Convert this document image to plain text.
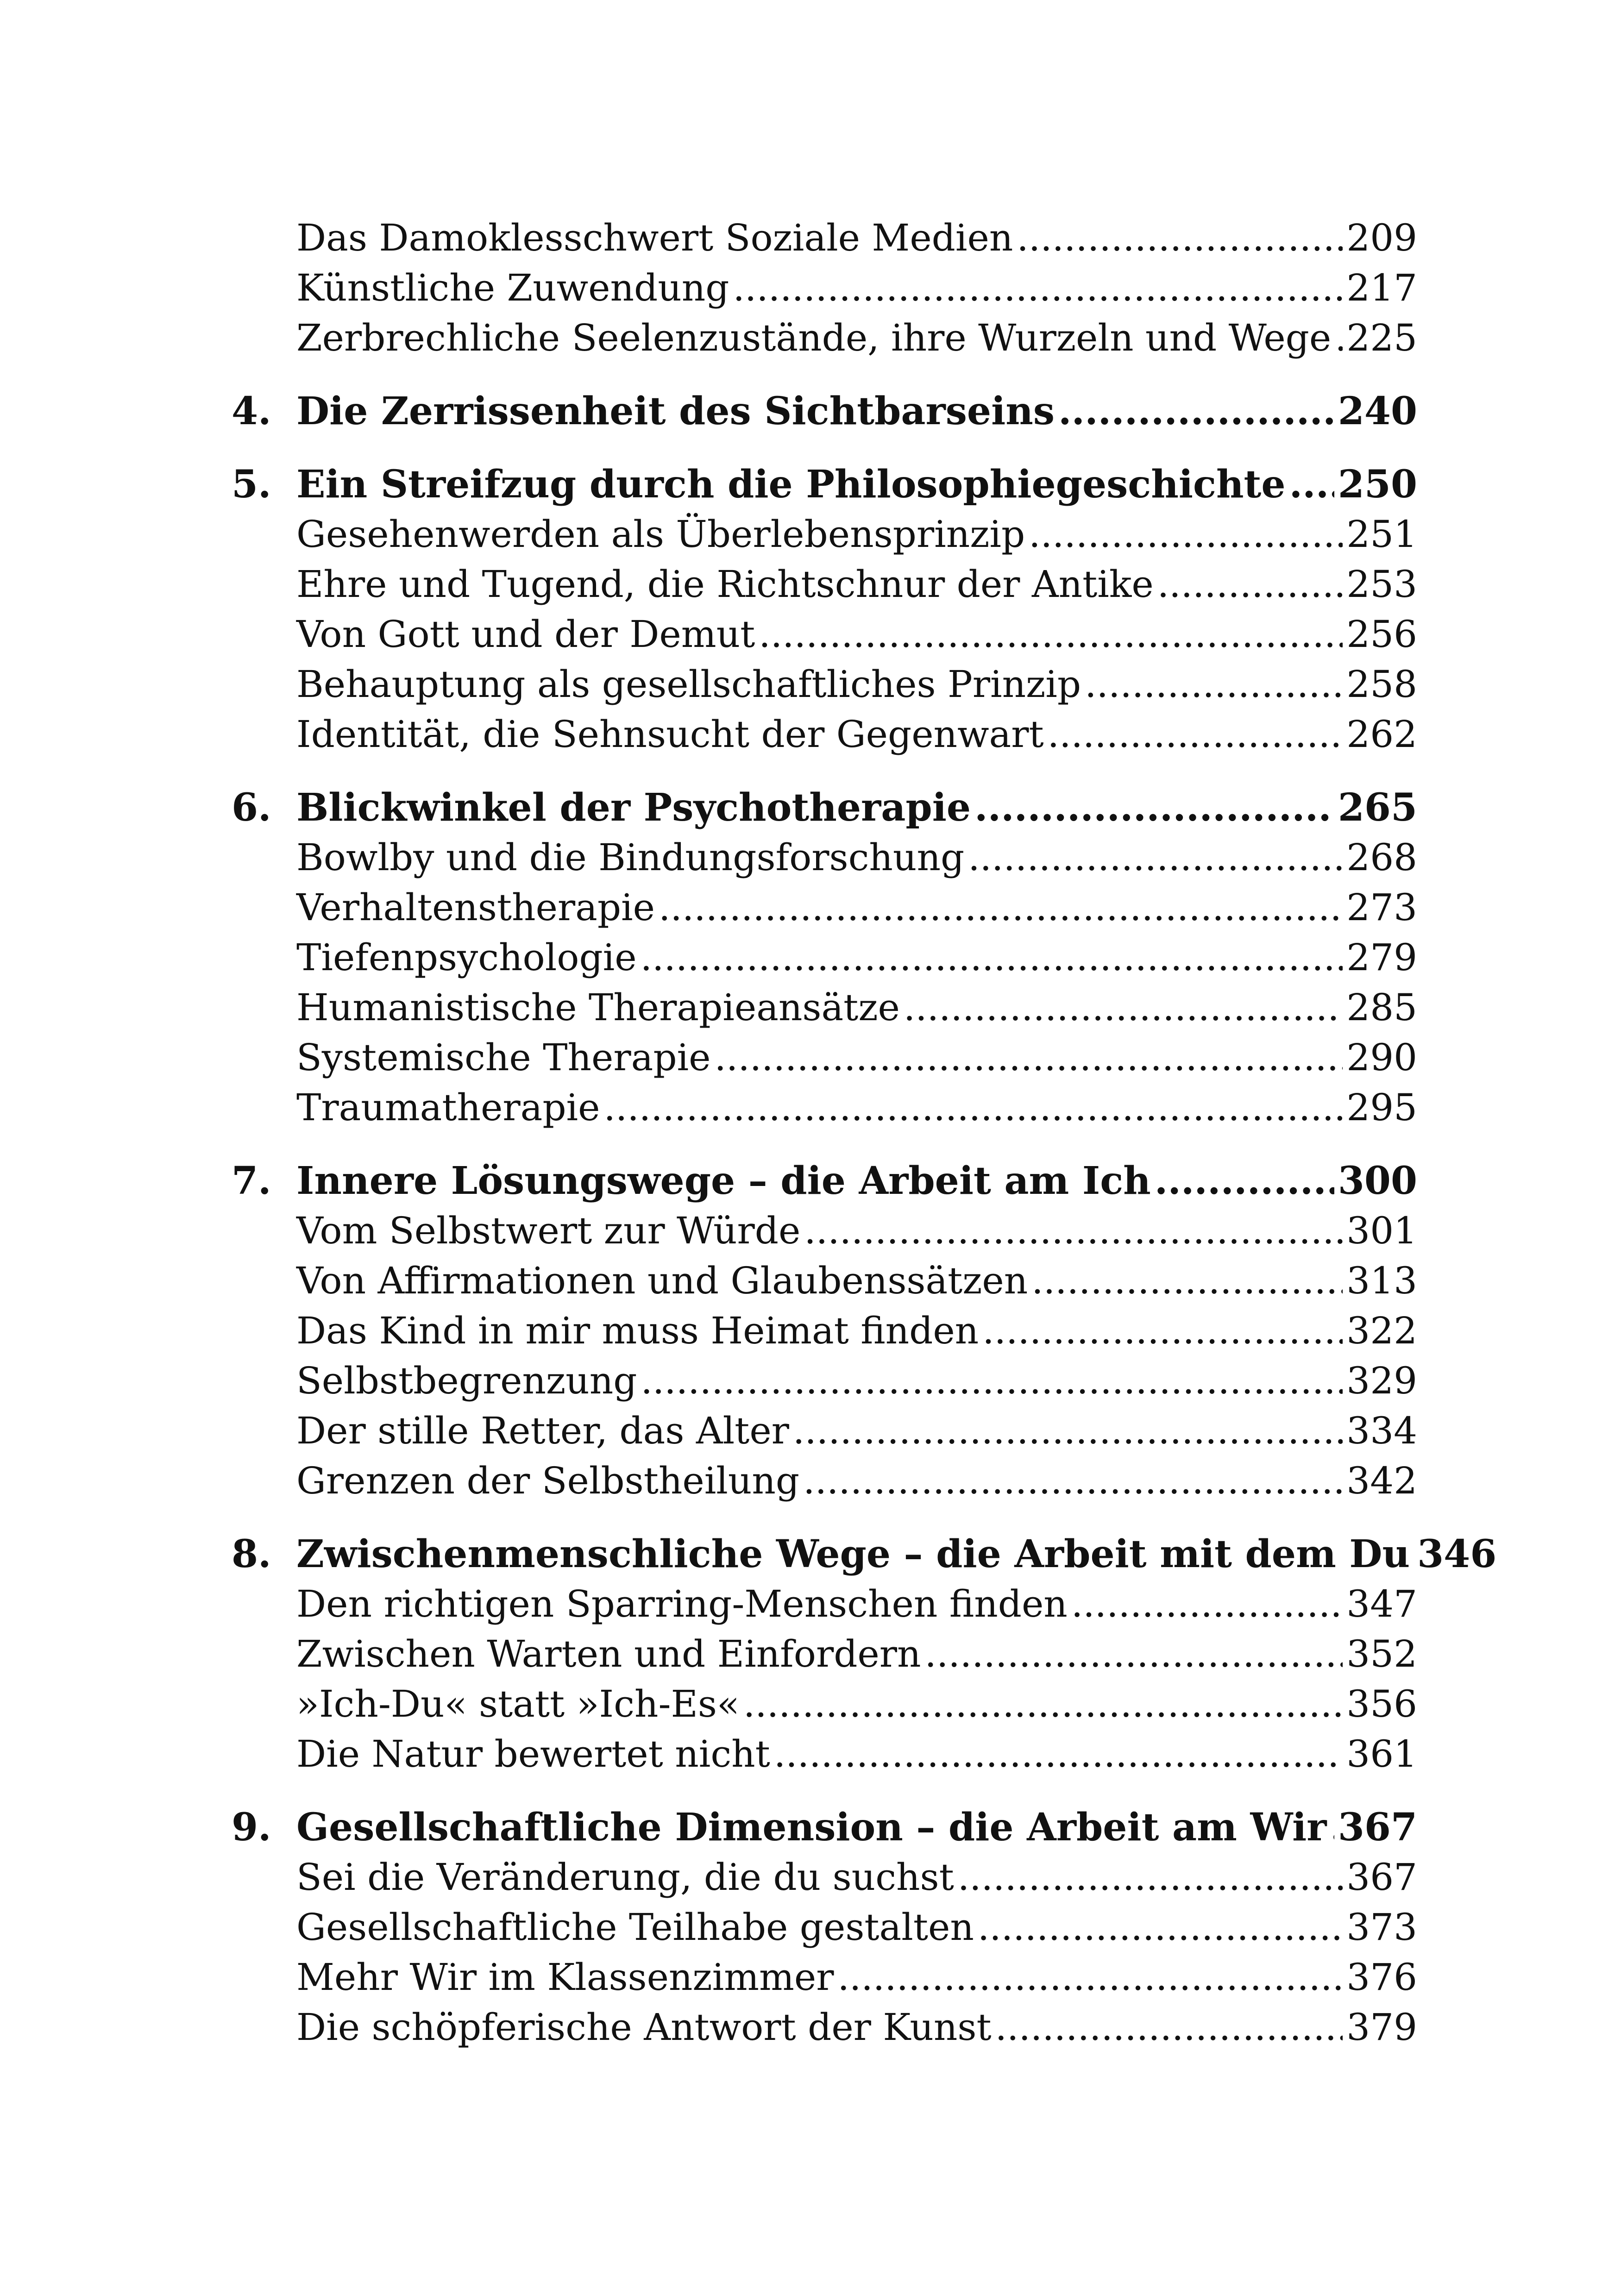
Das Damoklesschwert Soziale Medien .....	209
Künstliche Zuwendung .....	217
Zerbrechliche Seelenzustände, ihre Wurzeln und Wege ..... 225
4. Die Zerrissenheit des Sichtbarseins .....	240
5. Ein Streifzug durch die Philosophiegeschichte ..... 250
Gesehenwerden als Überlebensprinzip .....	251
Ehre und Tugend, die Richtschnur der Antike .....	253
Von Gott und der Demut .....	256
Behauptung als gesellschaftliches Prinzip .....	258
Identität, die Sehnsucht der Gegenwart .....	262
6. Blickwinkel der Psychotherapie .....	265
Bowlby und die Bindungsforschung .....	268
Verhaltenstherapie .....	273
Tiefenpsychologie .....	279
Humanistische Therapieansätze .....	285
Systemische Therapie .....	290
Traumatherapie .....	295
7. Innere Lösungswege – die Arbeit am Ich .....	300
Vom Selbstwert zur Würde .....	301
Von Affirmationen und Glaubenssätzen .....	313
Das Kind in mir muss Heimat finden .....	322
Selbstbegrenzung .....	329
Der stille Retter, das Alter .....	334
Grenzen der Selbstheilung .....	342
8. Zwischenmenschliche Wege – die Arbeit mit dem Du 346
Den richtigen Sparring-Menschen finden .....	347
Zwischen Warten und Einfordern .....	352
»Ich-Du« statt »Ich-Es« .....	356
Die Natur bewertet nicht .....	361
9. Gesellschaftliche Dimension – die Arbeit am Wir ..... 367
Sei die Veränderung, die du suchst .....	367
Gesellschaftliche Teilhabe gestalten .....	373
Mehr Wir im Klassenzimmer .....	376
Die schöpferische Antwort der Kunst .....	379
